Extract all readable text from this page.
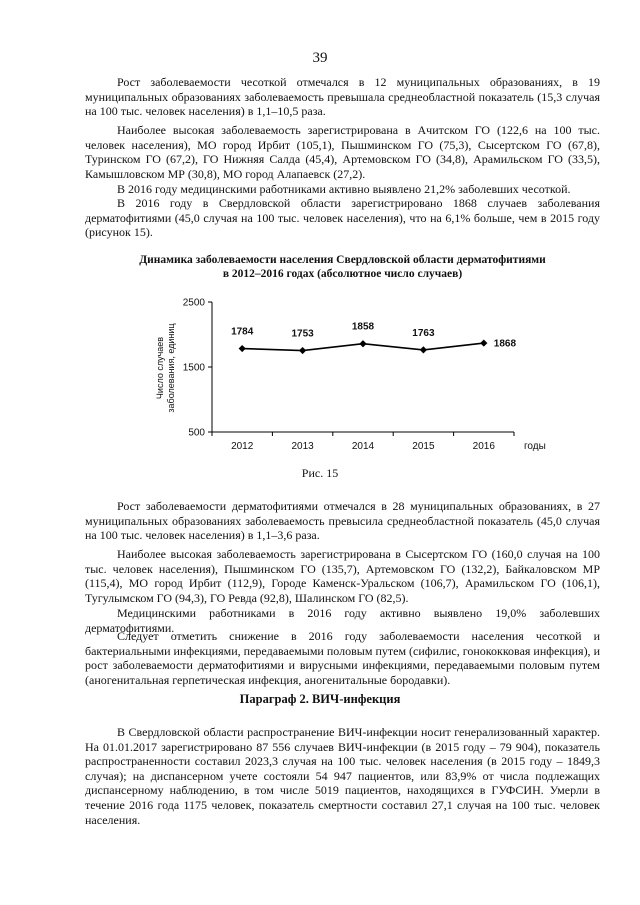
39

Рост заболеваемости чесоткой отмечался в 12 муниципальных образованиях, в 19 муниципальных образованиях заболеваемость превышала среднеобластной показатель (15,3 случая на 100 тыс. человек населения) в 1,1–10,5 раза.

Наиболее высокая заболеваемость зарегистрирована в Ачитском ГО (122,6 на 100 тыс. человек населения), МО город Ирбит (105,1), Пышминском ГО (75,3), Сысертском ГО (67,8), Туринском ГО (67,2), ГО Нижняя Салда (45,4), Артемовском ГО (34,8), Арамильском ГО (33,5), Камышловском МР (30,8), МО город Алапаевск (27,2).

В 2016 году медицинскими работниками активно выявлено 21,2% заболевших чесоткой.

В 2016 году в Свердловской области зарегистрировано 1868 случаев заболевания дерматофитиями (45,0 случая на 100 тыс. человек населения), что на 6,1% больше, чем в 2015 году (рисунок 15).

Динамика заболеваемости населения Свердловской области дерматофитиями
в 2012–2016 годах (абсолютное число случаев)
Число случаев заболевания, единиц
500
1500
2500
2012	2013	2014	2015	2016	годы
1784	1753
1858
1763
1868
Рис. 15

Рост заболеваемости дерматофитиями отмечался в 28 муниципальных образованиях, в 27 муниципальных образованиях заболеваемость превысила среднеобластной показатель (45,0 случая на 100 тыс. человек населения) в 1,1–3,6 раза.

Наиболее высокая заболеваемость зарегистрирована в Сысертском ГО (160,0 случая на 100 тыс. человек населения), Пышминском ГО (135,7), Артемовском ГО (132,2), Байкаловском МР (115,4), МО город Ирбит (112,9), Городе Каменск-Уральском (106,7), Арамильском ГО (106,1), Тугулымском ГО (94,3), ГО Ревда (92,8), Шалинском ГО (82,5).

Медицинскими работниками в 2016 году активно выявлено 19,0% заболевших дерматофитиями.

Следует отметить снижение в 2016 году заболеваемости населения чесоткой и бактериальными инфекциями, передаваемыми половым путем (сифилис, гонококковая инфекция), и рост заболеваемости дерматофитиями и вирусными инфекциями, передаваемыми половым путем (аногенитальная герпетическая инфекция, аногенитальные бородавки).

Параграф 2. ВИЧ-инфекция

В Свердловской области распространение ВИЧ-инфекции носит генерализованный характер. На 01.01.2017 зарегистрировано 87 556 случаев ВИЧ-инфекции (в 2015 году – 79 904), показатель распространенности составил 2023,3 случая на 100 тыс. человек населения (в 2015 году – 1849,3 случая); на диспансерном учете состояли 54 947 пациентов, или 83,9% от числа подлежащих диспансерному наблюдению, в том числе 5019 пациентов, находящихся в ГУФСИН. Умерли в течение 2016 года 1175 человек, показатель смертности составил 27,1 случая на 100 тыс. человек населения.
